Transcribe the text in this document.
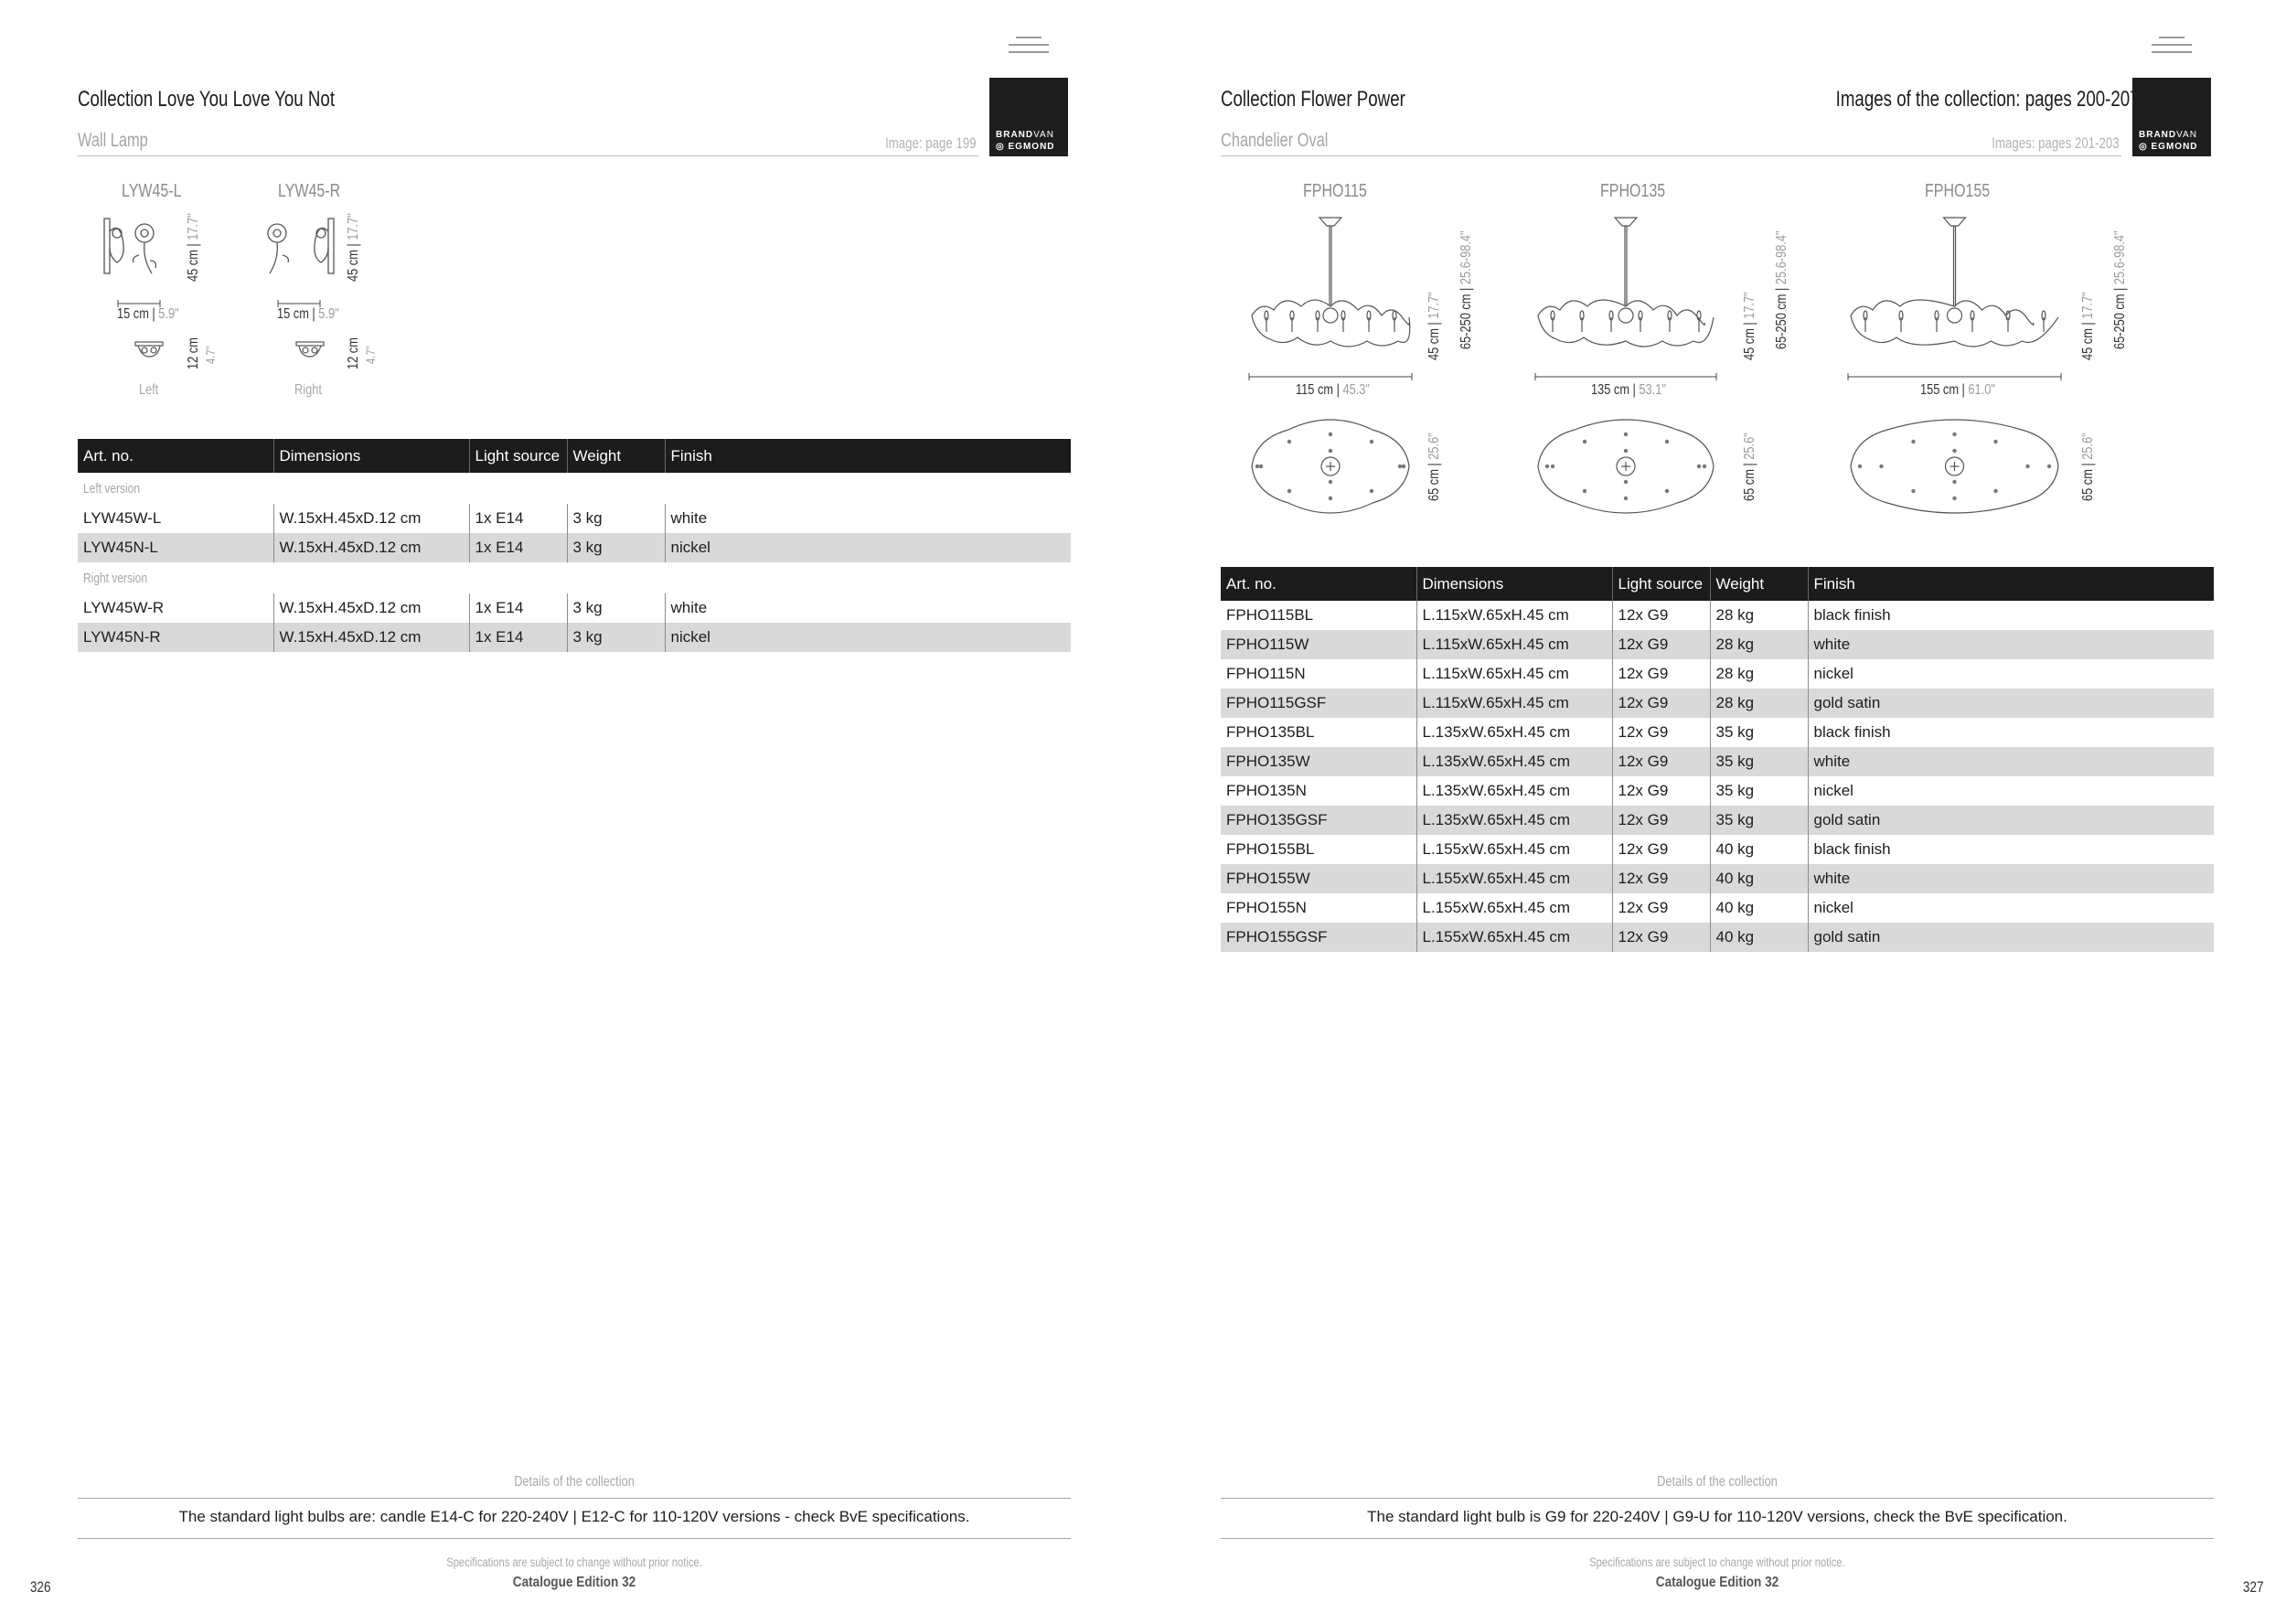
BRANDVAN
◎ EGMOND
Collection Love You Love You Not
Wall Lamp	Image: page 199
LYW45-L
45 cm | 17.7"
15 cm | 5.9"
12 cm 4.7"
Left
LYW45-R
45 cm | 17.7"
15 cm | 5.9"
12 cm 4.7"
Right
Art. no.	Dimensions	Light source	Weight	Finish
Left version				
LYW45W-L	W.15xH.45xD.12 cm	1x E14	3 kg	white
LYW45N-L	W.15xH.45xD.12 cm	1x E14	3 kg	nickel
Right version				
LYW45W-R	W.15xH.45xD.12 cm	1x E14	3 kg	white
LYW45N-R	W.15xH.45xD.12 cm	1x E14	3 kg	nickel
Details of the collection
The standard light bulbs are: candle E14-C for 220-240V | E12-C for 110-120V versions - check BvE specifications.
Specifications are subject to change without prior notice.
Catalogue Edition 32
326
BRANDVAN
◎ EGMOND
Collection Flower Power	Images of the collection: pages 200-207
Chandelier Oval	Images: pages 201-203
FPHO115
115 cm | 45.3"
45 cm | 17.7" 65-250 cm | 25.6-98.4"
65 cm | 25.6"
FPHO135
135 cm | 53.1"
45 cm | 17.7" 65-250 cm | 25.6-98.4"
65 cm | 25.6"
FPHO155
155 cm | 61.0"
45 cm | 17.7" 65-250 cm | 25.6-98.4"
65 cm | 25.6"
Art. no.	Dimensions	Light source	Weight	Finish
FPHO115BL	L.115xW.65xH.45 cm	12x G9	28 kg	black finish
FPHO115W	L.115xW.65xH.45 cm	12x G9	28 kg	white
FPHO115N	L.115xW.65xH.45 cm	12x G9	28 kg	nickel
FPHO115GSF	L.115xW.65xH.45 cm	12x G9	28 kg	gold satin
FPHO135BL	L.135xW.65xH.45 cm	12x G9	35 kg	black finish
FPHO135W	L.135xW.65xH.45 cm	12x G9	35 kg	white
FPHO135N	L.135xW.65xH.45 cm	12x G9	35 kg	nickel
FPHO135GSF	L.135xW.65xH.45 cm	12x G9	35 kg	gold satin
FPHO155BL	L.155xW.65xH.45 cm	12x G9	40 kg	black finish
FPHO155W	L.155xW.65xH.45 cm	12x G9	40 kg	white
FPHO155N	L.155xW.65xH.45 cm	12x G9	40 kg	nickel
FPHO155GSF	L.155xW.65xH.45 cm	12x G9	40 kg	gold satin
Details of the collection
The standard light bulb is G9 for 220-240V | G9-U for 110-120V versions, check the BvE specification.
Specifications are subject to change without prior notice.
Catalogue Edition 32	327
